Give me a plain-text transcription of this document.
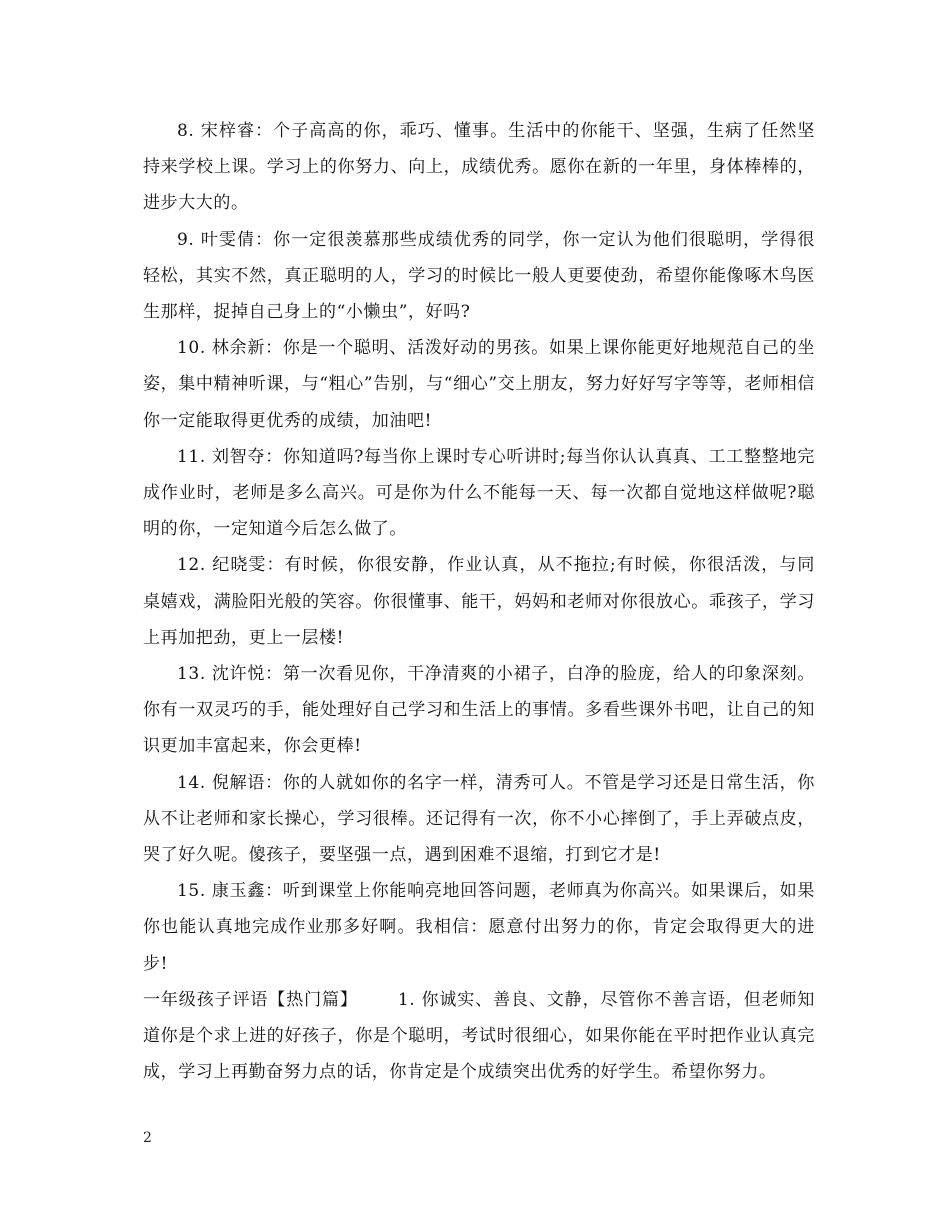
8. 宋梓睿：个子高高的你，乖巧、懂事。生活中的你能干、坚强，生病了任然坚持来学校上课。学习上的你努力、向上，成绩优秀。愿你在新的一年里，身体棒棒的，进步大大的。

9. 叶雯倩：你一定很羡慕那些成绩优秀的同学，你一定认为他们很聪明，学得很轻松，其实不然，真正聪明的人，学习的时候比一般人更要使劲，希望你能像啄木鸟医生那样，捉掉自己身上的“小懒虫”，好吗?

10. 林余新：你是一个聪明、活泼好动的男孩。如果上课你能更好地规范自己的坐姿，集中精神听课，与“粗心”告别，与“细心”交上朋友，努力好好写字等等，老师相信你一定能取得更优秀的成绩，加油吧!

11. 刘智夺：你知道吗?每当你上课时专心听讲时;每当你认认真真、工工整整地完成作业时，老师是多么高兴。可是你为什么不能每一天、每一次都自觉地这样做呢?聪明的你，一定知道今后怎么做了。

12. 纪晓雯：有时候，你很安静，作业认真，从不拖拉;有时候，你很活泼，与同桌嬉戏，满脸阳光般的笑容。你很懂事、能干，妈妈和老师对你很放心。乖孩子，学习上再加把劲，更上一层楼!

13. 沈许悦：第一次看见你，干净清爽的小裙子，白净的脸庞，给人的印象深刻。你有一双灵巧的手，能处理好自己学习和生活上的事情。多看些课外书吧，让自己的知识更加丰富起来，你会更棒!

14. 倪解语：你的人就如你的名字一样，清秀可人。不管是学习还是日常生活，你从不让老师和家长操心，学习很棒。还记得有一次，你不小心摔倒了，手上弄破点皮，哭了好久呢。傻孩子，要坚强一点，遇到困难不退缩，打到它才是!

15. 康玉鑫：听到课堂上你能响亮地回答问题，老师真为你高兴。如果课后，如果你也能认真地完成作业那多好啊。我相信：愿意付出努力的你，肯定会取得更大的进步!

一年级孩子评语【热门篇】 1. 你诚实、善良、文静，尽管你不善言语，但老师知道你是个求上进的好孩子，你是个聪明，考试时很细心，如果你能在平时把作业认真完成，学习上再勤奋努力点的话，你肯定是个成绩突出优秀的好学生。希望你努力。

2
